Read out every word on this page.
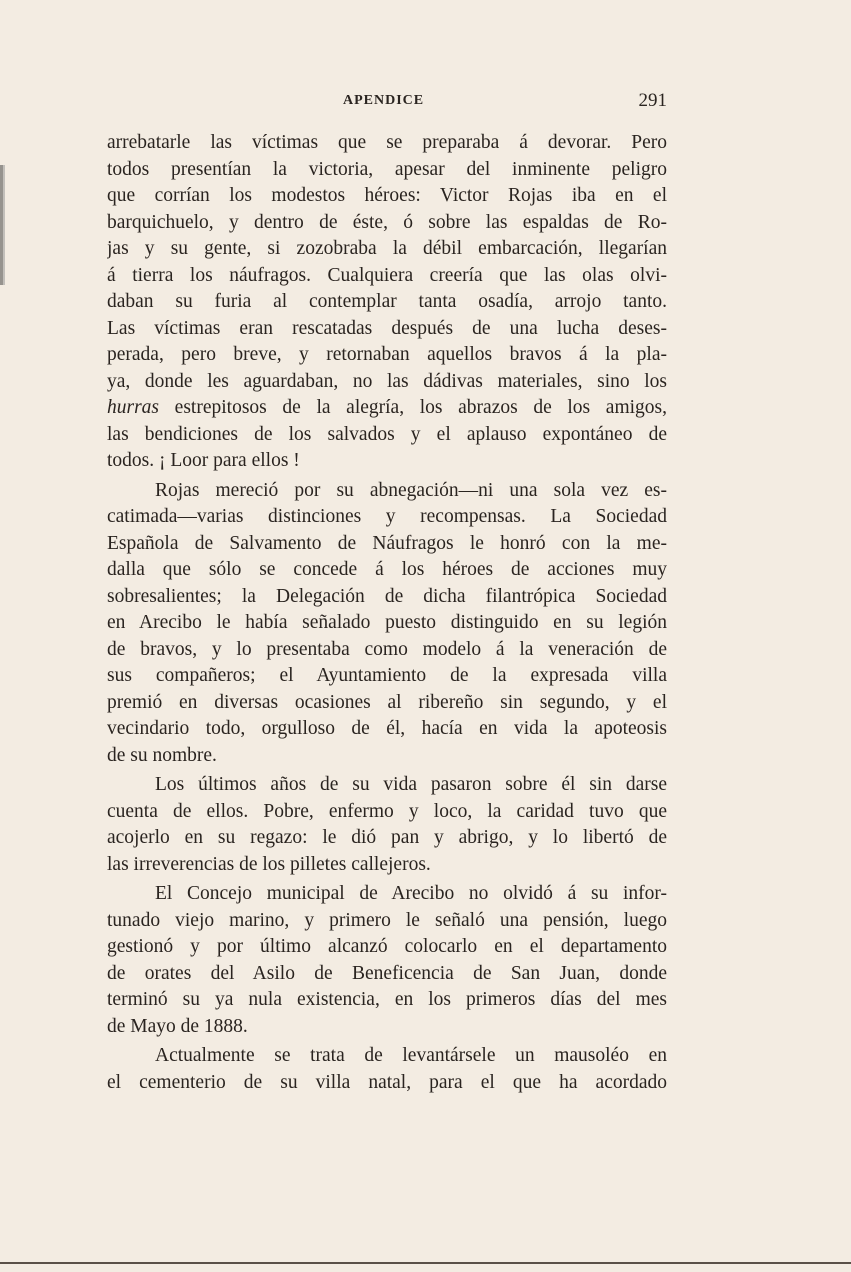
APENDICE	291
arrebatarle las víctimas que se preparaba á devorar. Pero
todos presentían la victoria, apesar del inminente peligro
que corrían los modestos héroes: Victor Rojas iba en el
barquichuelo, y dentro de éste, ó sobre las espaldas de Ro-
jas y su gente, si zozobraba la débil embarcación, llegarían
á tierra los náufragos. Cualquiera creería que las olas olvi-
daban su furia al contemplar tanta osadía, arrojo tanto.
Las víctimas eran rescatadas después de una lucha deses-
perada, pero breve, y retornaban aquellos bravos á la pla-
ya, donde les aguardaban, no las dádivas materiales, sino los
hurras estrepitosos de la alegría, los abrazos de los amigos,
las bendiciones de los salvados y el aplauso expontáneo de
todos. ¡ Loor para ellos !
Rojas mereció por su abnegación—ni una sola vez es-
catimada—varias distinciones y recompensas. La Sociedad
Española de Salvamento de Náufragos le honró con la me-
dalla que sólo se concede á los héroes de acciones muy
sobresalientes; la Delegación de dicha filantrópica Sociedad
en Arecibo le había señalado puesto distinguido en su legión
de bravos, y lo presentaba como modelo á la veneración de
sus compañeros; el Ayuntamiento de la expresada villa
premió en diversas ocasiones al ribereño sin segundo, y el
vecindario todo, orgulloso de él, hacía en vida la apoteosis
de su nombre.
Los últimos años de su vida pasaron sobre él sin darse
cuenta de ellos. Pobre, enfermo y loco, la caridad tuvo que
acojerlo en su regazo: le dió pan y abrigo, y lo libertó de
las irreverencias de los pilletes callejeros.
El Concejo municipal de Arecibo no olvidó á su infor-
tunado viejo marino, y primero le señaló una pensión, luego
gestionó y por último alcanzó colocarlo en el departamento
de orates del Asilo de Beneficencia de San Juan, donde
terminó su ya nula existencia, en los primeros días del mes
de Mayo de 1888.
Actualmente se trata de levantársele un mausoléo en
el cementerio de su villa natal, para el que ha acordado
